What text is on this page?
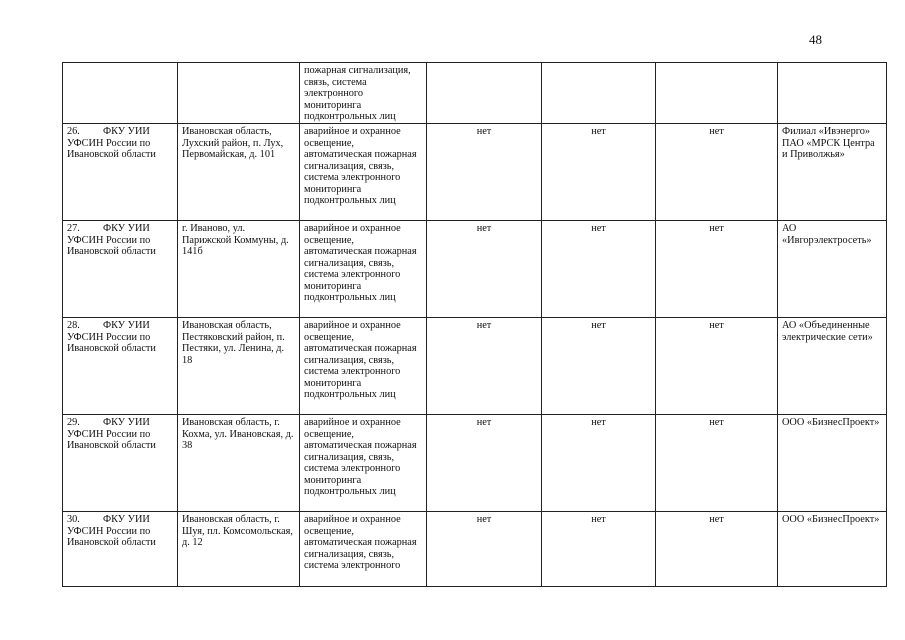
48

		пожарная сигнализация, связь, система электронного мониторинга подконтрольных лиц				

26. ФКУ УИИ УФСИН России по Ивановской области	Ивановская область, Лухский район, п. Лух, Первомайская, д. 101	аварийное и охранное освещение, автоматическая пожарная сигнализация, связь, система электронного мониторинга подконтрольных лиц	нет	нет	нет	Филиал «Ивэнерго» ПАО «МРСК Центра и Приволжья»
27. ФКУ УИИ УФСИН России по Ивановской области	г. Иваново, ул. Парижской Коммуны, д. 141б	аварийное и охранное освещение, автоматическая пожарная сигнализация, связь, система электронного мониторинга подконтрольных лиц	нет	нет	нет	АО «Ивгорэлектросеть»
28. ФКУ УИИ УФСИН России по Ивановской области	Ивановская область, Пестяковский район, п. Пестяки, ул. Ленина, д. 18	аварийное и охранное освещение, автоматическая пожарная сигнализация, связь, система электронного мониторинга подконтрольных лиц	нет	нет	нет	АО «Объединенные электрические сети»
29. ФКУ УИИ УФСИН России по Ивановской области	Ивановская область, г. Кохма, ул. Ивановская, д. 38	аварийное и охранное освещение, автоматическая пожарная сигнализация, связь, система электронного мониторинга подконтрольных лиц	нет	нет	нет	ООО «БизнесПроект»
30. ФКУ УИИ УФСИН России по Ивановской области	Ивановская область, г. Шуя, пл. Комсомольская, д. 12	аварийное и охранное освещение, автоматическая пожарная сигнализация, связь, система электронного	нет	нет	нет	ООО «БизнесПроект»
